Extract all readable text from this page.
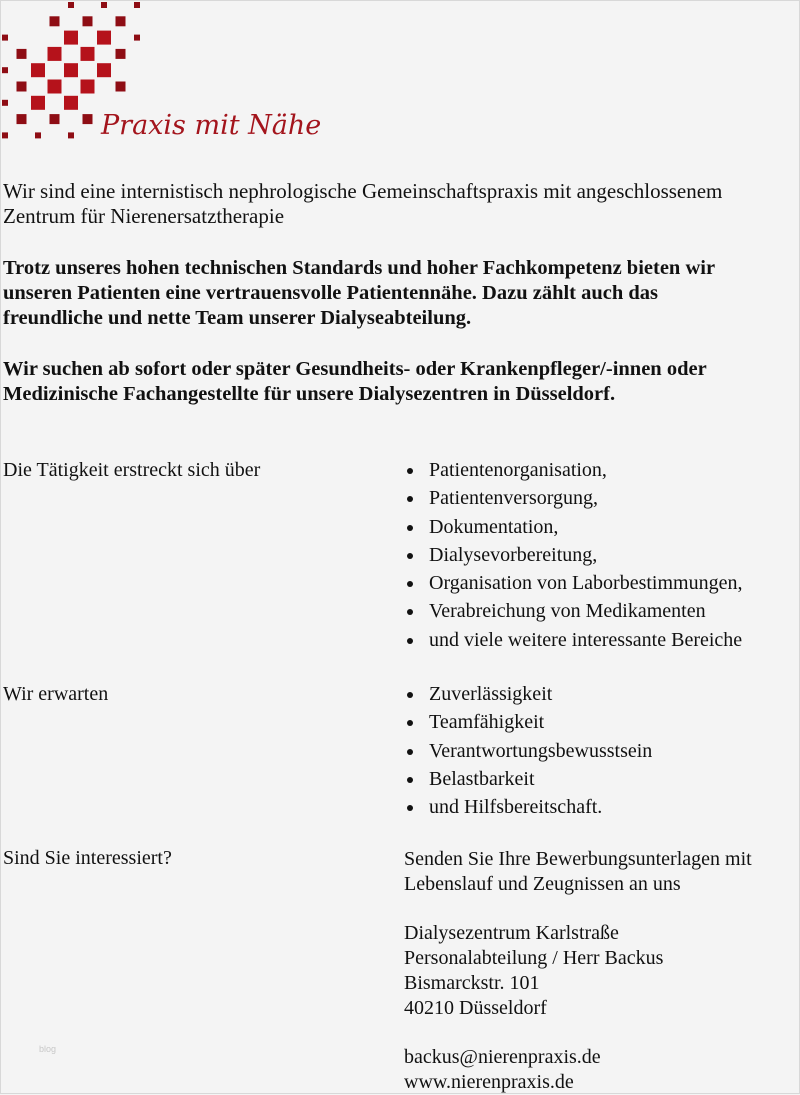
Praxis mit Nähe
Wir sind eine internistisch nephrologische Gemeinschaftspraxis mit angeschlossenem
Zentrum für Nierenersatztherapie
Trotz unseres hohen technischen Standards und hoher Fachkompetenz bieten wir
unseren Patienten eine vertrauensvolle Patientennähe. Dazu zählt auch das
freundliche und nette Team unserer Dialyseabteilung.
Wir suchen ab sofort oder später Gesundheits- oder Krankenpfleger/-innen oder
Medizinische Fachangestellte für unsere Dialysezentren in Düsseldorf.
Die Tätigkeit erstreckt sich über	Patientenorganisation,
Patientenversorgung,
Dokumentation,
Dialysevorbereitung,
Organisation von Laborbestimmungen,
Verabreichung von Medikamenten
und viele weitere interessante Bereiche
Wir erwarten	Zuverlässigkeit
Teamfähigkeit
Verantwortungsbewusstsein
Belastbarkeit
und Hilfsbereitschaft.
Sind Sie interessiert?	Senden Sie Ihre Bewerbungsunterlagen mit
Lebenslauf und Zeugnissen an uns
Dialysezentrum Karlstraße
Personalabteilung / Herr Backus
Bismarckstr. 101
40210 Düsseldorf
backus@nierenpraxis.de
www.nierenpraxis.de
blog
